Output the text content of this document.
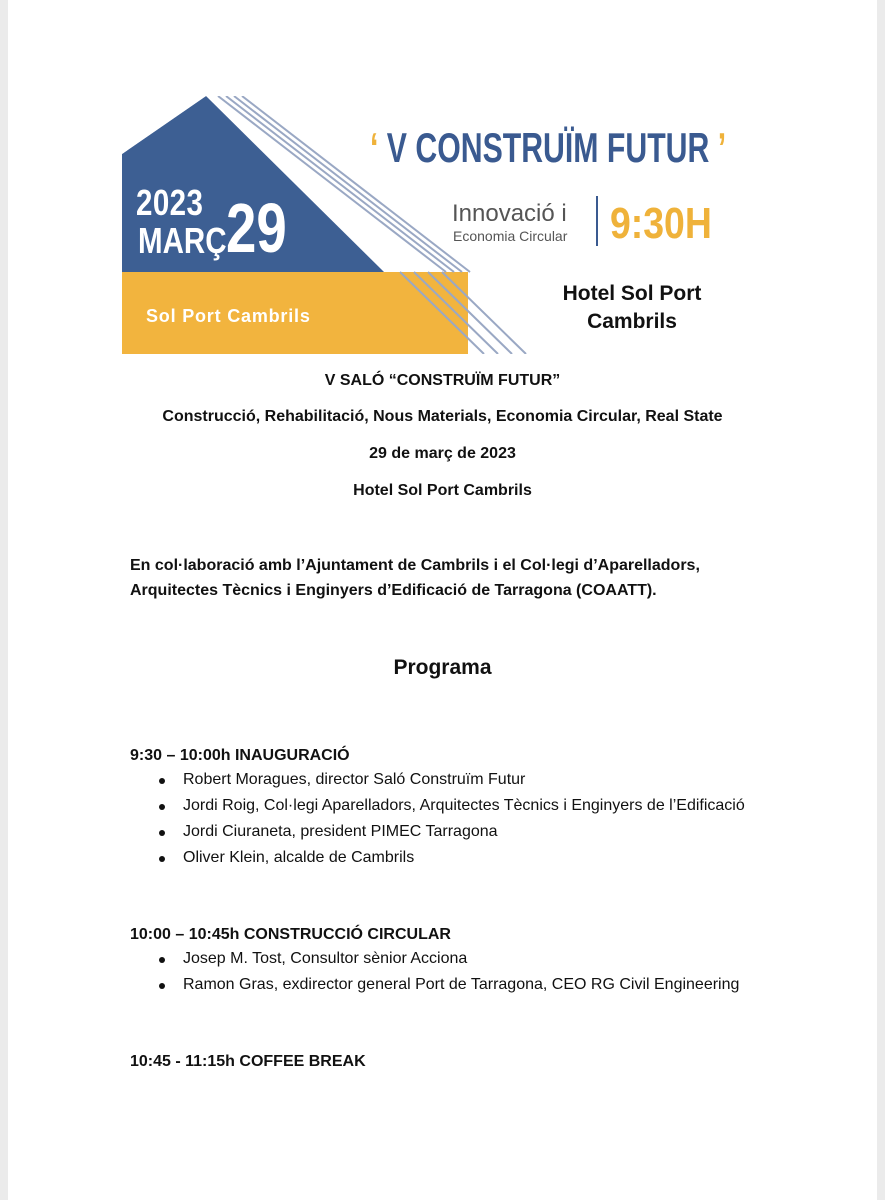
2023
MARÇ 29
Sol Port Cambrils
‘ V CONSTRUÏM FUTUR ’
Innovació i
Economia Circular 9:30H
Hotel Sol Port Cambrils
V SALÓ “CONSTRUÏM FUTUR”
Construcció, Rehabilitació, Nous Materials, Economia Circular, Real State
29 de març de 2023
Hotel Sol Port Cambrils
En col·laboració amb l’Ajuntament de Cambrils i el Col·legi d’Aparelladors, Arquitectes Tècnics i Enginyers d’Edificació de Tarragona (COAATT).
Programa
9:30 – 10:00h INAUGURACIÓ
Robert Moragues, director Saló Construïm Futur
Jordi Roig, Col·legi Aparelladors, Arquitectes Tècnics i Enginyers de l’Edificació
Jordi Ciuraneta, president PIMEC Tarragona
Oliver Klein, alcalde de Cambrils
10:00 – 10:45h CONSTRUCCIÓ CIRCULAR
Josep M. Tost, Consultor sènior Acciona
Ramon Gras, exdirector general Port de Tarragona, CEO RG Civil Engineering
10:45 - 11:15h COFFEE BREAK
